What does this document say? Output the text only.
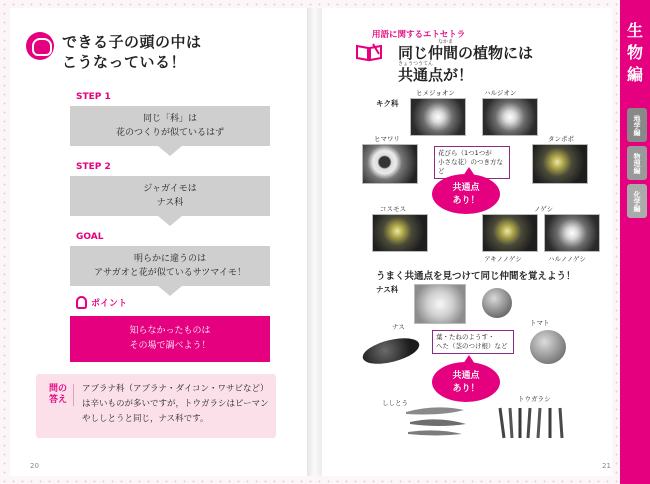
できる子の頭の中は
こうなっている！
STEP 1
同じ「科」は
花のつくりが似ているはず
STEP 2
ジャガイモは
ナス科
GOAL
明らかに違うのは
アサガオと花が似ているサツマイモ！
ポイント
知らなかったものは
その場で調べよう！
問の
答え
アブラナ科（アブラナ・ダイコン・ワサビなど）
は辛いものが多いですが，トウガラシはピーマン
やししとうと同じ，ナス科です。
20
用語に関するエトセトラ
なかま
同じ仲間の植物には
共通点が！
きょうつうてん
キク科
ヒメジョオン	ハルジオン
ヒマワリ	タンポポ
花びら（1つ1つが
小さな花）のつき方など
共通点
あり！
コスモス	ノゲシ
アキノノゲシ	ハルノノゲシ
うまく共通点を見つけて同じ仲間を覚えよう！
ナス科
ナス	トマト
葉・たねのようす・
へた（茎のつけ根）など
共通点
あり！
ししとう	トウガラシ
21
生
物
編
地学編
物理編
化学編
